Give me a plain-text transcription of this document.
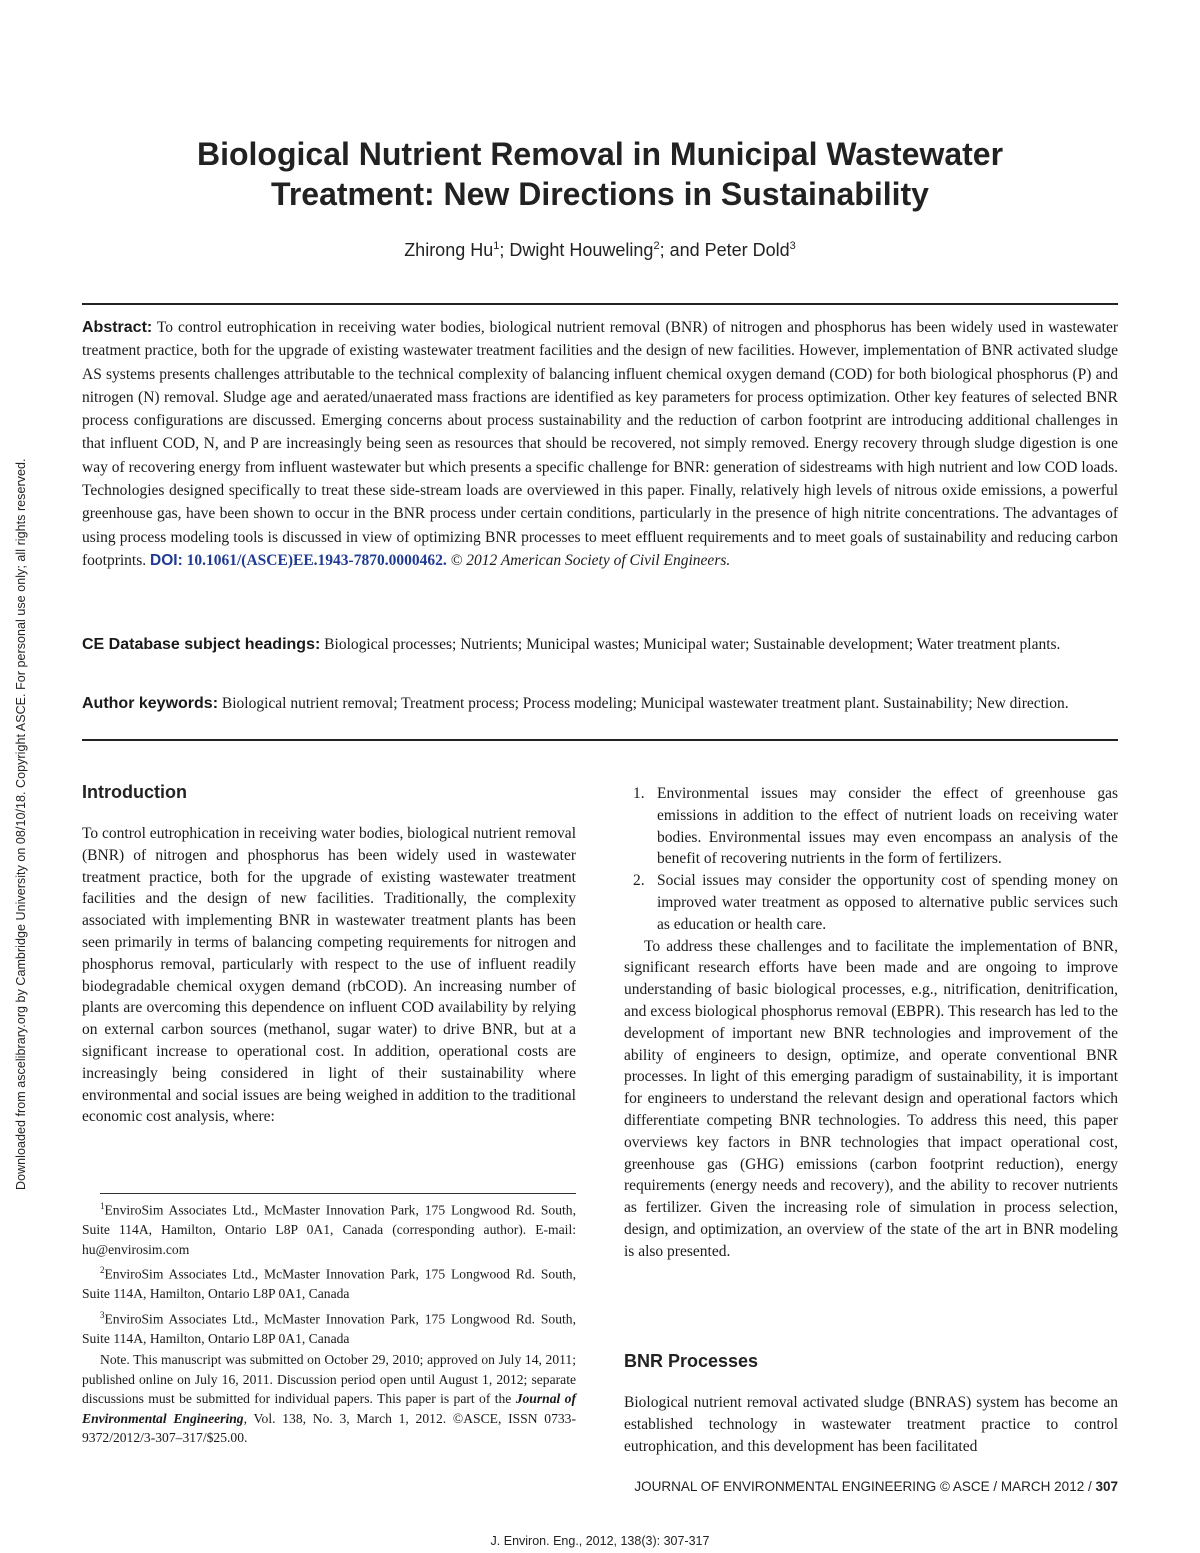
Downloaded from ascelibrary.org by Cambridge University on 08/10/18. Copyright ASCE. For personal use only; all rights reserved.
Biological Nutrient Removal in Municipal Wastewater
Treatment: New Directions in Sustainability
Zhirong Hu$^1$; Dwight Houweling$^2$; and Peter Dold$^3$
Abstract: To control eutrophication in receiving water bodies, biological nutrient removal (BNR) of nitrogen and phosphorus has been widely used in wastewater treatment practice, both for the upgrade of existing wastewater treatment facilities and the design of new facilities. However, implementation of BNR activated sludge AS systems presents challenges attributable to the technical complexity of balancing influent chemical oxygen demand (COD) for both biological phosphorus (P) and nitrogen (N) removal. Sludge age and aerated/unaerated mass fractions are identified as key parameters for process optimization. Other key features of selected BNR process configurations are discussed. Emerging concerns about process sustainability and the reduction of carbon footprint are introducing additional challenges in that influent COD, N, and P are increasingly being seen as resources that should be recovered, not simply removed. Energy recovery through sludge digestion is one way of recovering energy from influent wastewater but which presents a specific challenge for BNR: generation of sidestreams with high nutrient and low COD loads. Technologies designed specifically to treat these side-stream loads are overviewed in this paper. Finally, relatively high levels of nitrous oxide emissions, a powerful greenhouse gas, have been shown to occur in the BNR process under certain conditions, particularly in the presence of high nitrite concentrations. The advantages of using process modeling tools is discussed in view of optimizing BNR processes to meet effluent requirements and to meet goals of sustainability and reducing carbon footprints. DOI: 10.1061/(ASCE)EE.1943-7870.0000462. © 2012 American Society of Civil Engineers.
CE Database subject headings: Biological processes; Nutrients; Municipal wastes; Municipal water; Sustainable development; Water treatment plants.
Author keywords: Biological nutrient removal; Treatment process; Process modeling; Municipal wastewater treatment plant. Sustainability; New direction.
Introduction
To control eutrophication in receiving water bodies, biological nutrient removal (BNR) of nitrogen and phosphorus has been widely used in wastewater treatment practice, both for the upgrade of existing wastewater treatment facilities and the design of new facilities. Traditionally, the complexity associated with implementing BNR in wastewater treatment plants has been seen primarily in terms of balancing competing requirements for nitrogen and phosphorus removal, particularly with respect to the use of influent readily biodegradable chemical oxygen demand (rbCOD). An increasing number of plants are overcoming this dependence on influent COD availability by relying on external carbon sources (methanol, sugar water) to drive BNR, but at a significant increase to operational cost. In addition, operational costs are increasingly being considered in light of their sustainability where environmental and social issues are being weighed in addition to the traditional economic cost analysis, where:

$^1$EnviroSim Associates Ltd., McMaster Innovation Park, 175 Longwood Rd. South, Suite 114A, Hamilton, Ontario L8P 0A1, Canada (corresponding author). E-mail: hu@envirosim.com

$^2$EnviroSim Associates Ltd., McMaster Innovation Park, 175 Longwood Rd. South, Suite 114A, Hamilton, Ontario L8P 0A1, Canada

$^3$EnviroSim Associates Ltd., McMaster Innovation Park, 175 Longwood Rd. South, Suite 114A, Hamilton, Ontario L8P 0A1, Canada

Note. This manuscript was submitted on October 29, 2010; approved on July 14, 2011; published online on July 16, 2011. Discussion period open until August 1, 2012; separate discussions must be submitted for individual papers. This paper is part of the Journal of Environmental Engineering, Vol. 138, No. 3, March 1, 2012. ©ASCE, ISSN 0733-9372/2012/3-307–317/$25.00.

1. Environmental issues may consider the effect of greenhouse gas emissions in addition to the effect of nutrient loads on receiving water bodies. Environmental issues may even encompass an analysis of the benefit of recovering nutrients in the form of fertilizers.
2. Social issues may consider the opportunity cost of spending money on improved water treatment as opposed to alternative public services such as education or health care.

To address these challenges and to facilitate the implementation of BNR, significant research efforts have been made and are ongoing to improve understanding of basic biological processes, e.g., nitrification, denitrification, and excess biological phosphorus removal (EBPR). This research has led to the development of important new BNR technologies and improvement of the ability of engineers to design, optimize, and operate conventional BNR processes. In light of this emerging paradigm of sustainability, it is important for engineers to understand the relevant design and operational factors which differentiate competing BNR technologies. To address this need, this paper overviews key factors in BNR technologies that impact operational cost, greenhouse gas (GHG) emissions (carbon footprint reduction), energy requirements (energy needs and recovery), and the ability to recover nutrients as fertilizer. Given the increasing role of simulation in process selection, design, and optimization, an overview of the state of the art in BNR modeling is also presented.

BNR Processes
Biological nutrient removal activated sludge (BNRAS) system has become an established technology in wastewater treatment practice to control eutrophication, and this development has been facilitated
JOURNAL OF ENVIRONMENTAL ENGINEERING © ASCE / MARCH 2012 / 307
J. Environ. Eng., 2012, 138(3): 307-317
